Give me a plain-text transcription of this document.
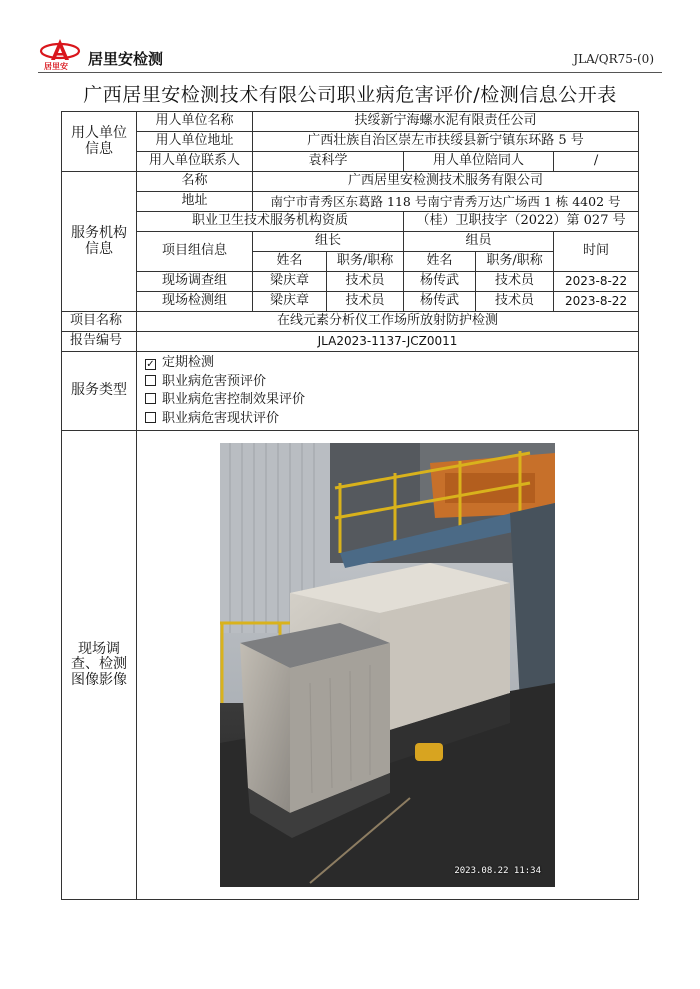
居里安 居里安检测	JLA/QR75-(0)
广西居里安检测技术有限公司职业病危害评价/检测信息公开表
用人单位信息	用人单位名称	扶绥新宁海螺水泥有限责任公司				
	用人单位地址	广西壮族自治区崇左市扶绥县新宁镇东环路 5 号				
	用人单位联系人	袁科学		用人单位陪同人		/
服务机构信息	名称	广西居里安检测技术服务有限公司				
	地址	南宁市青秀区东葛路 118 号南宁青秀万达广场西 1 栋 4402 号				
	职业卫生技术服务机构资质			（桂）卫职技字（2022）第 027 号		
	项目组信息	组长		组员		时间
		姓名	职务/职称	姓名	职务/职称	
	现场调查组	梁庆章	技术员	杨传武	技术员	2023-8-22
	现场检测组	梁庆章	技术员	杨传武	技术员	2023-8-22
项目名称	在线元素分析仪工作场所放射防护检测					
报告编号	JLA2023-1137-JCZ0011					
服务类型	✓ 定期检测
职业病危害预评价
职业病危害控制效果评价
职业病危害现状评价					

现场调查、检测图像影像	2023.08.22 11:34					
